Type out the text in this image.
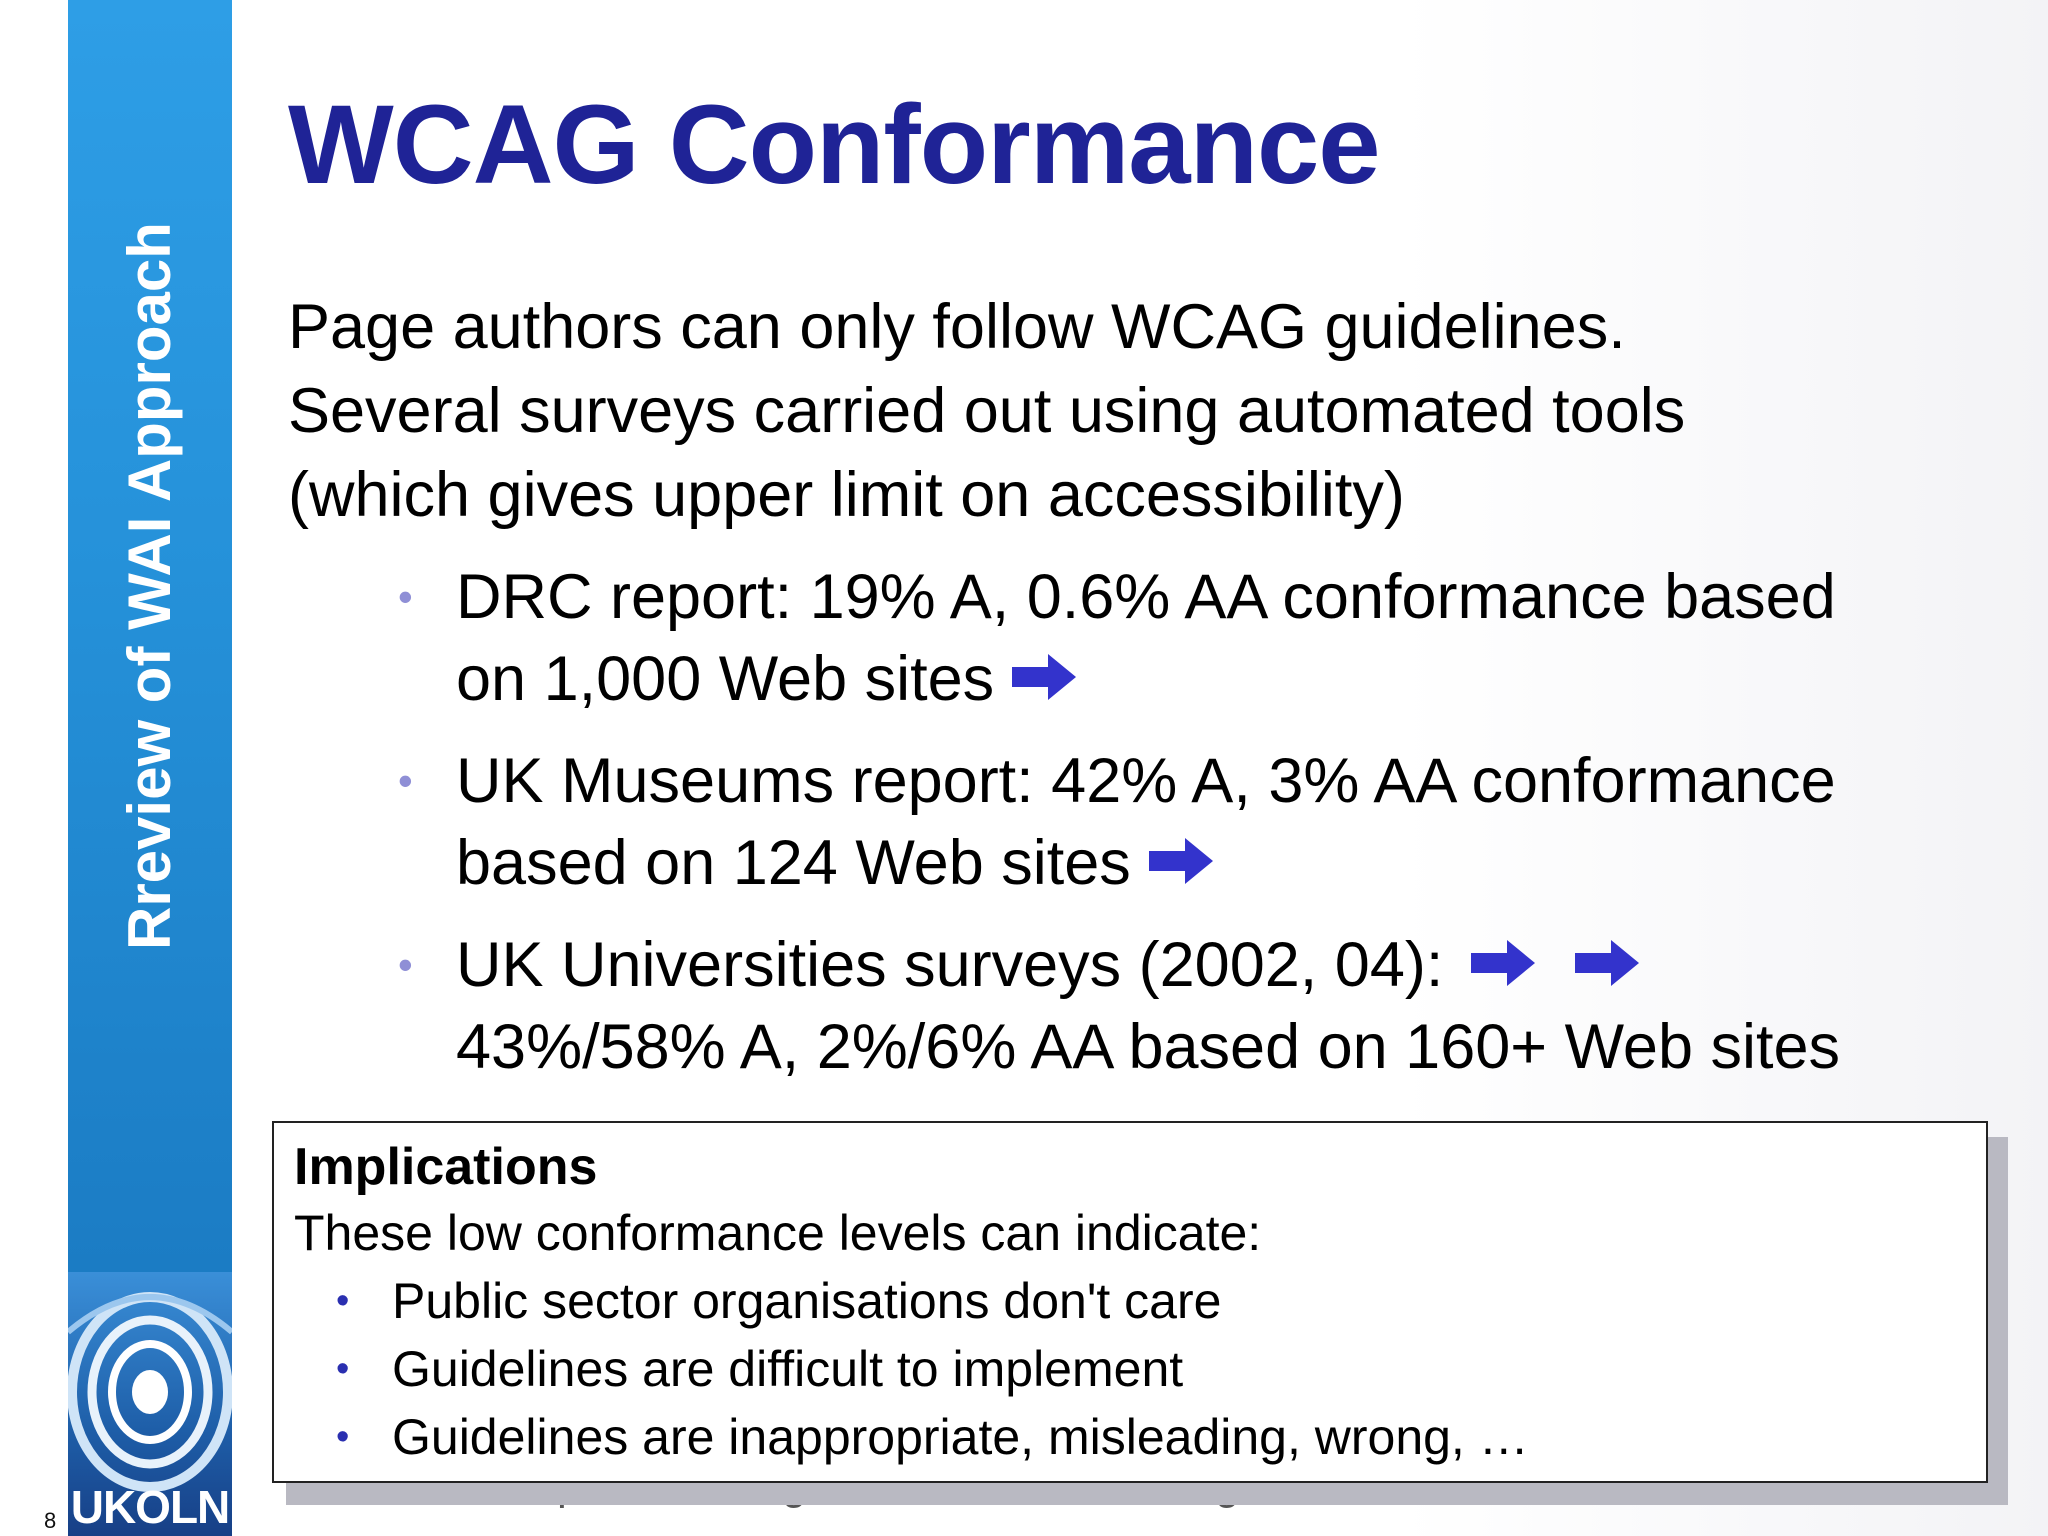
Rreview of WAI Approach
UKOLN
8
WCAG Conformance
Page authors can only follow WCAG guidelines.
Several surveys carried out using automated tools
(which gives upper limit on accessibility)
• DRC report: 19% A, 0.6% AA conformance based
on 1,000 Web sites
• UK Museums report: 42% A, 3% AA conformance
based on 124 Web sites
• UK Universities surveys (2002, 04):
43%/58% A, 2%/6% AA based on 160+ Web sites
Implications
These low conformance levels can indicate:
• Public sector organisations don't care
• Guidelines are difficult to implement
• Guidelines are inappropriate, misleading, wrong, …
